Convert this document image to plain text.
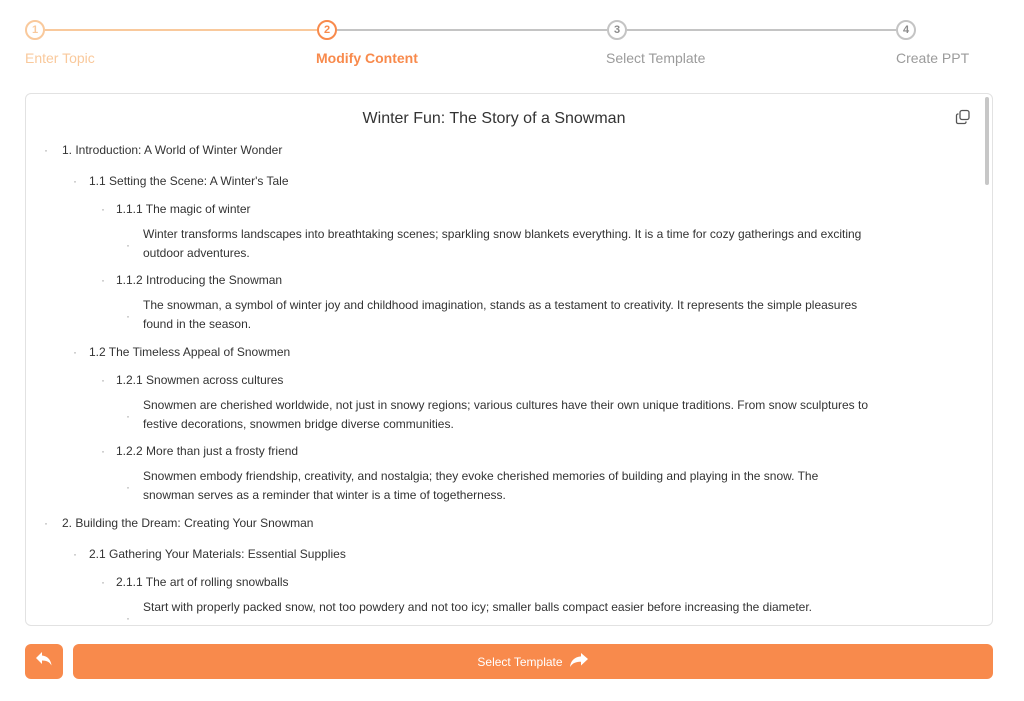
1
Enter Topic
2
Modify Content
3
Select Template
4
Create PPT
Winter Fun: The Story of a Snowman
· 1. Introduction: A World of Winter Wonder
· 1.1 Setting the Scene: A Winter's Tale
· 1.1.1 The magic of winter
·
Winter transforms landscapes into breathtaking scenes; sparkling snow blankets everything. It is a time for cozy gatherings and exciting outdoor adventures.
· 1.1.2 Introducing the Snowman
·
The snowman, a symbol of winter joy and childhood imagination, stands as a testament to creativity. It represents the simple pleasures found in the season.
· 1.2 The Timeless Appeal of Snowmen
· 1.2.1 Snowmen across cultures
·
Snowmen are cherished worldwide, not just in snowy regions; various cultures have their own unique traditions. From snow sculptures to festive decorations, snowmen bridge diverse communities.
· 1.2.2 More than just a frosty friend
·
Snowmen embody friendship, creativity, and nostalgia; they evoke cherished memories of building and playing in the snow. The snowman serves as a reminder that winter is a time of togetherness.
· 2. Building the Dream: Creating Your Snowman
· 2.1 Gathering Your Materials: Essential Supplies
· 2.1.1 The art of rolling snowballs
·
Start with properly packed snow, not too powdery and not too icy; smaller balls compact easier before increasing the diameter.
Select Template
